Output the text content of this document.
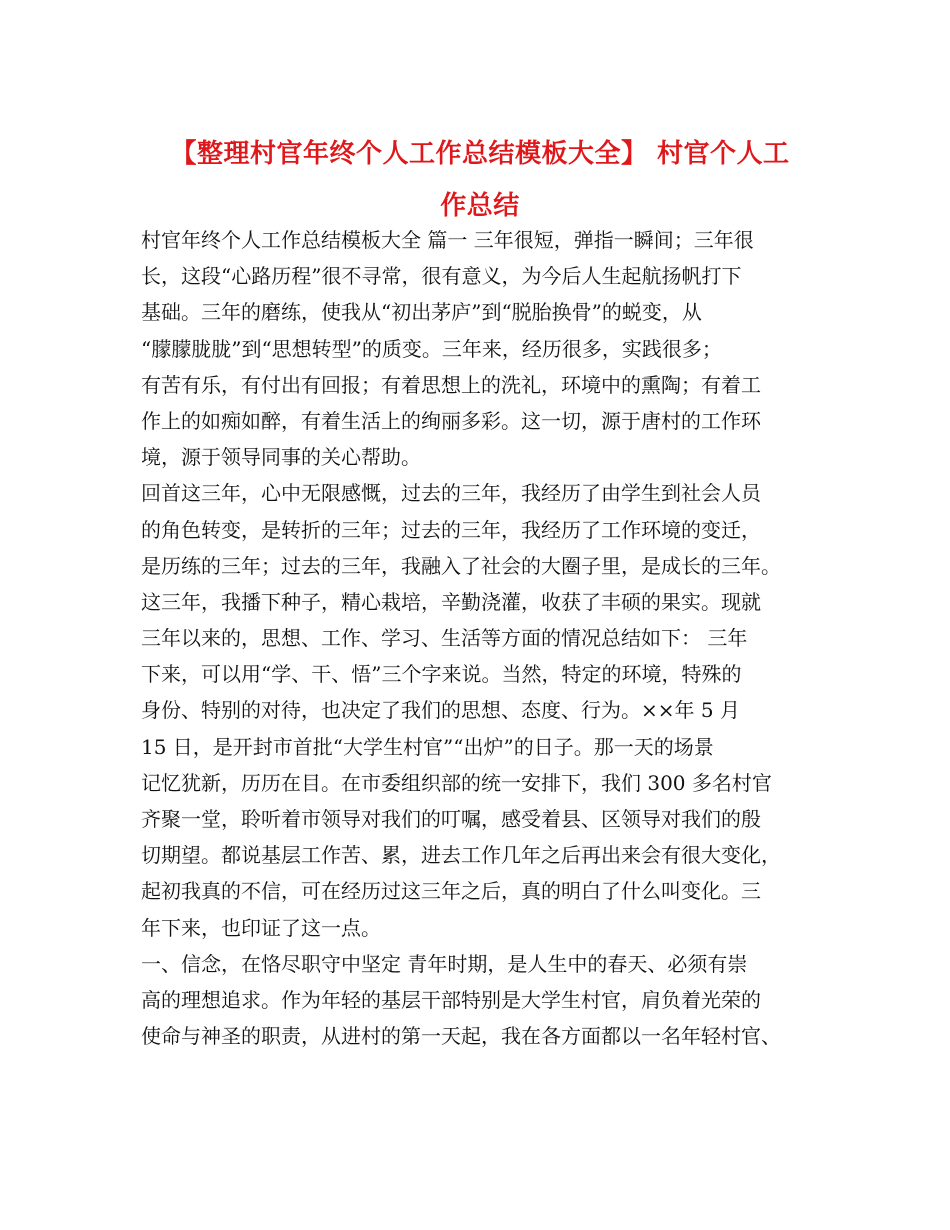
【整理村官年终个人工作总结模板大全】 村官个人工
作总结
村官年终个人工作总结模板大全 篇一 三年很短，弹指一瞬间；三年很
长，这段“心路历程”很不寻常，很有意义，为今后人生起航扬帆打下
基础。三年的磨练，使我从“初出茅庐”到“脱胎换骨”的蜕变，从
“朦朦胧胧”到“思想转型”的质变。三年来，经历很多，实践很多；
有苦有乐，有付出有回报；有着思想上的洗礼，环境中的熏陶；有着工
作上的如痴如醉，有着生活上的绚丽多彩。这一切，源于唐村的工作环
境，源于领导同事的关心帮助。
回首这三年，心中无限感慨，过去的三年，我经历了由学生到社会人员
的角色转变，是转折的三年；过去的三年，我经历了工作环境的变迁，
是历练的三年；过去的三年，我融入了社会的大圈子里，是成长的三年。
这三年，我播下种子，精心栽培，辛勤浇灌，收获了丰硕的果实。现就
三年以来的，思想、工作、学习、生活等方面的情况总结如下： 三年
下来，可以用“学、干、悟”三个字来说。当然，特定的环境，特殊的
身份、特别的对待，也决定了我们的思想、态度、行为。××年 5 月
15 日，是开封市首批“大学生村官”“出炉”的日子。那一天的场景
记忆犹新，历历在目。在市委组织部的统一安排下，我们 300 多名村官
齐聚一堂，聆听着市领导对我们的叮嘱，感受着县、区领导对我们的殷
切期望。都说基层工作苦、累，进去工作几年之后再出来会有很大变化，
起初我真的不信，可在经历过这三年之后，真的明白了什么叫变化。三
年下来，也印证了这一点。
一、信念，在恪尽职守中坚定 青年时期，是人生中的春天、必须有崇
高的理想追求。作为年轻的基层干部特别是大学生村官，肩负着光荣的
使命与神圣的职责，从进村的第一天起，我在各方面都以一名年轻村官、
